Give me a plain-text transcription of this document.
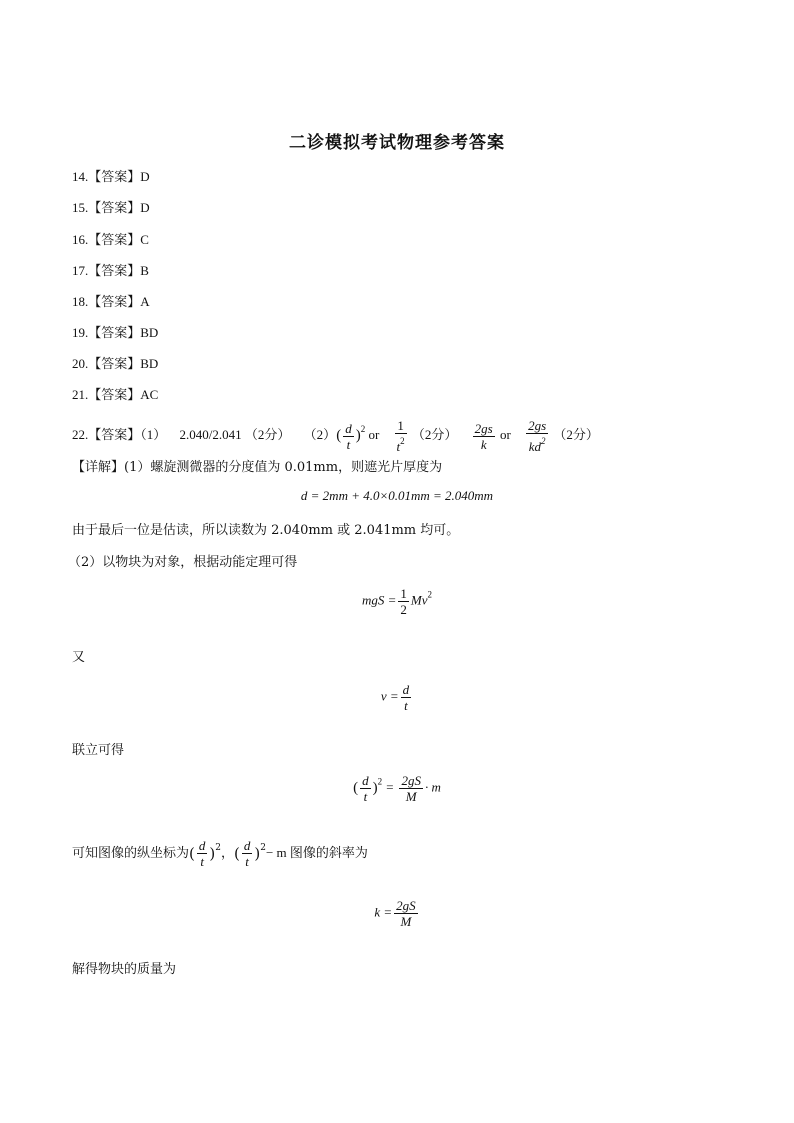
二诊模拟考试物理参考答案
14.【答案】D
15.【答案】D
16.【答案】C
17.【答案】B
18.【答案】A
19.【答案】BD
20.【答案】BD
21.【答案】AC
22.【答案】（1） 2.040/2.041 （2分） $(2)( \frac{d}{t} )^2$ or $\frac{1}{t^2} (2$分） $\frac{2gs}{k}$ or $\frac{2gs}{kd^2} (2$分）
【详解】(1）螺旋测微器的分度值为 0.01mm，则遮光片厚度为
d = 2mm + 4.0×0.01mm = 2.040mm
由于最后一位是估读，所以读数为 2.040mm 或 2.041mm 均可。
（2）以物块为对象，根据动能定理可得
mgS = $\frac{1}{2} Mv^2$
又
$v = \frac{d}{t}$
联立可得
( $\frac{d}{t} )^2 = \frac{2gS}{M} \cdot m$
可知图像的纵坐标为( $\frac{d}{t} )^2$，( $\frac{d}{t} )^2- m$ 图像的斜率为
$k = \frac{2gS}{M}$
解得物块的质量为
